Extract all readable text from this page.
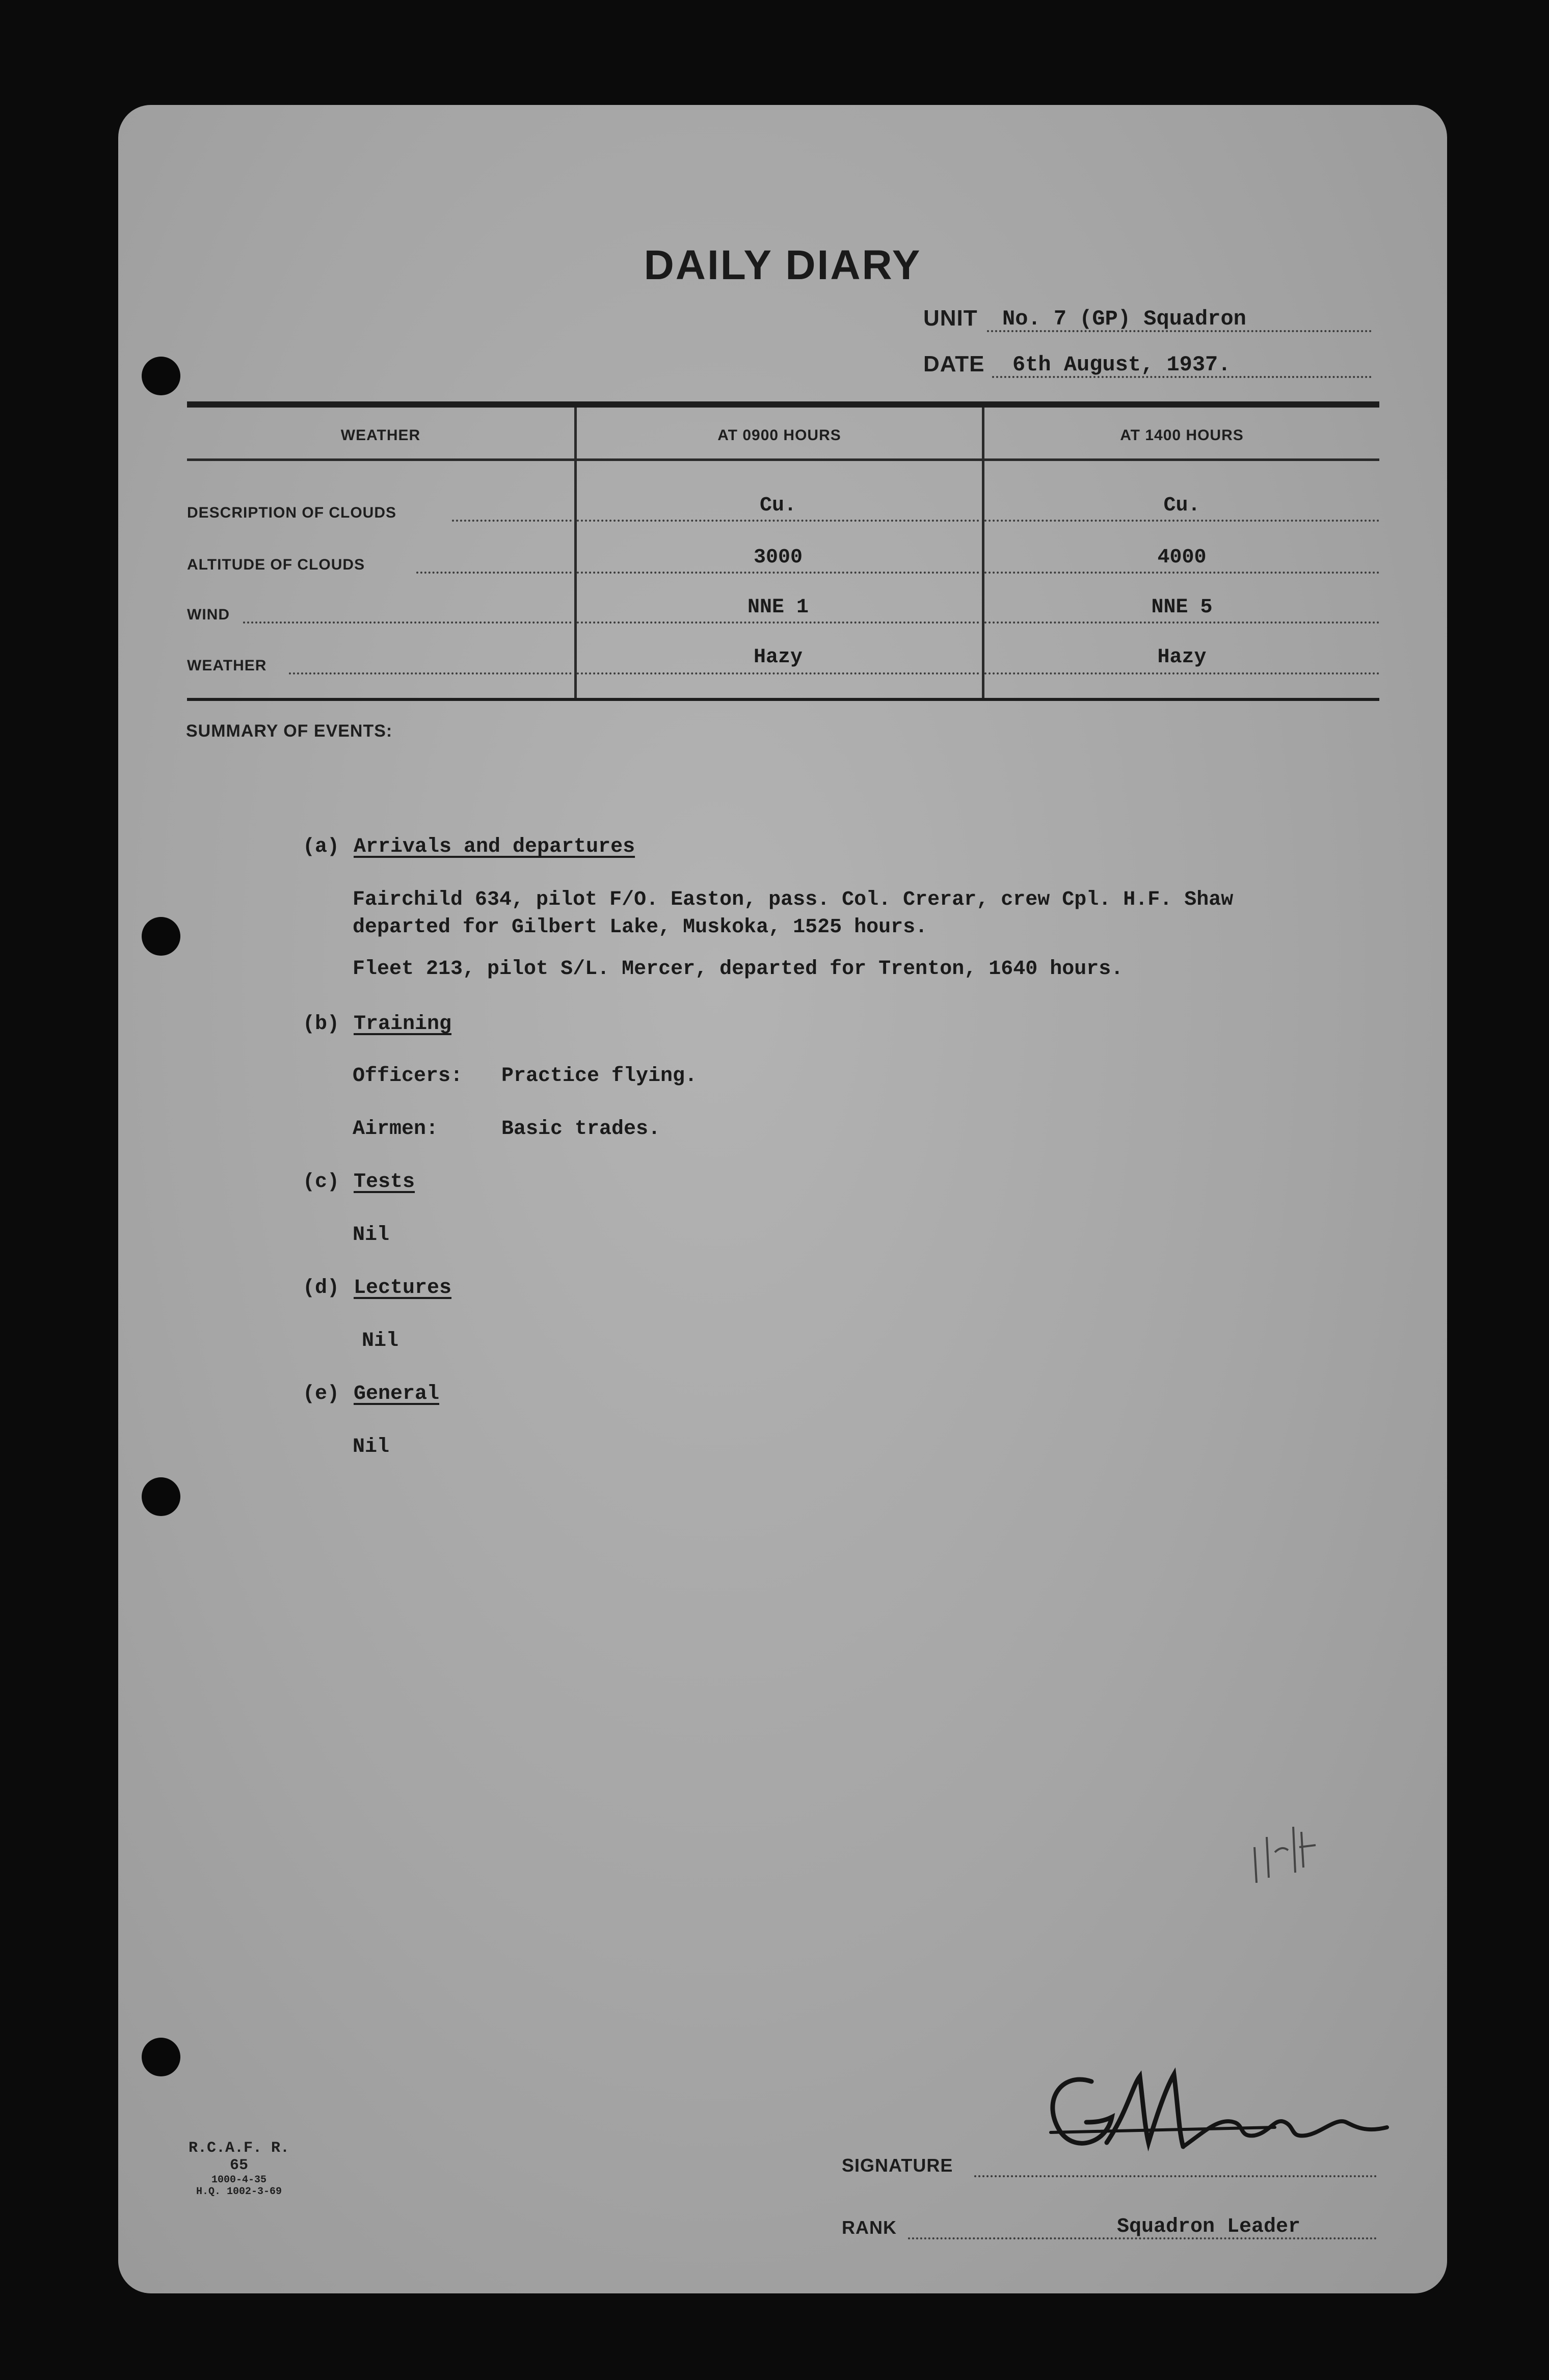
DAILY DIARY
UNIT No. 7 (GP) Squadron
DATE 6th August, 1937.
WEATHER	AT 0900 HOURS	AT 1400 HOURS
DESCRIPTION OF CLOUDS	Cu.	Cu.
ALTITUDE OF CLOUDS	3000	4000
WIND	NNE 1	NNE 5
WEATHER	Hazy	Hazy
SUMMARY OF EVENTS:
(a) Arrivals and departures
Fairchild 634, pilot F/O. Easton, pass. Col. Crerar, crew Cpl. H.F. Shaw
departed for Gilbert Lake, Muskoka, 1525 hours.
Fleet 213, pilot S/L. Mercer, departed for Trenton, 1640 hours.
(b) Training
Officers: Practice flying.
Airmen:	Basic trades.
(c) Tests
Nil
(d) Lectures
Nil
(e) General
Nil
R.C.A.F. R. 65
1000-4-35
H.Q. 1002-3-69
SIGNATURE
RANK	Squadron Leader
